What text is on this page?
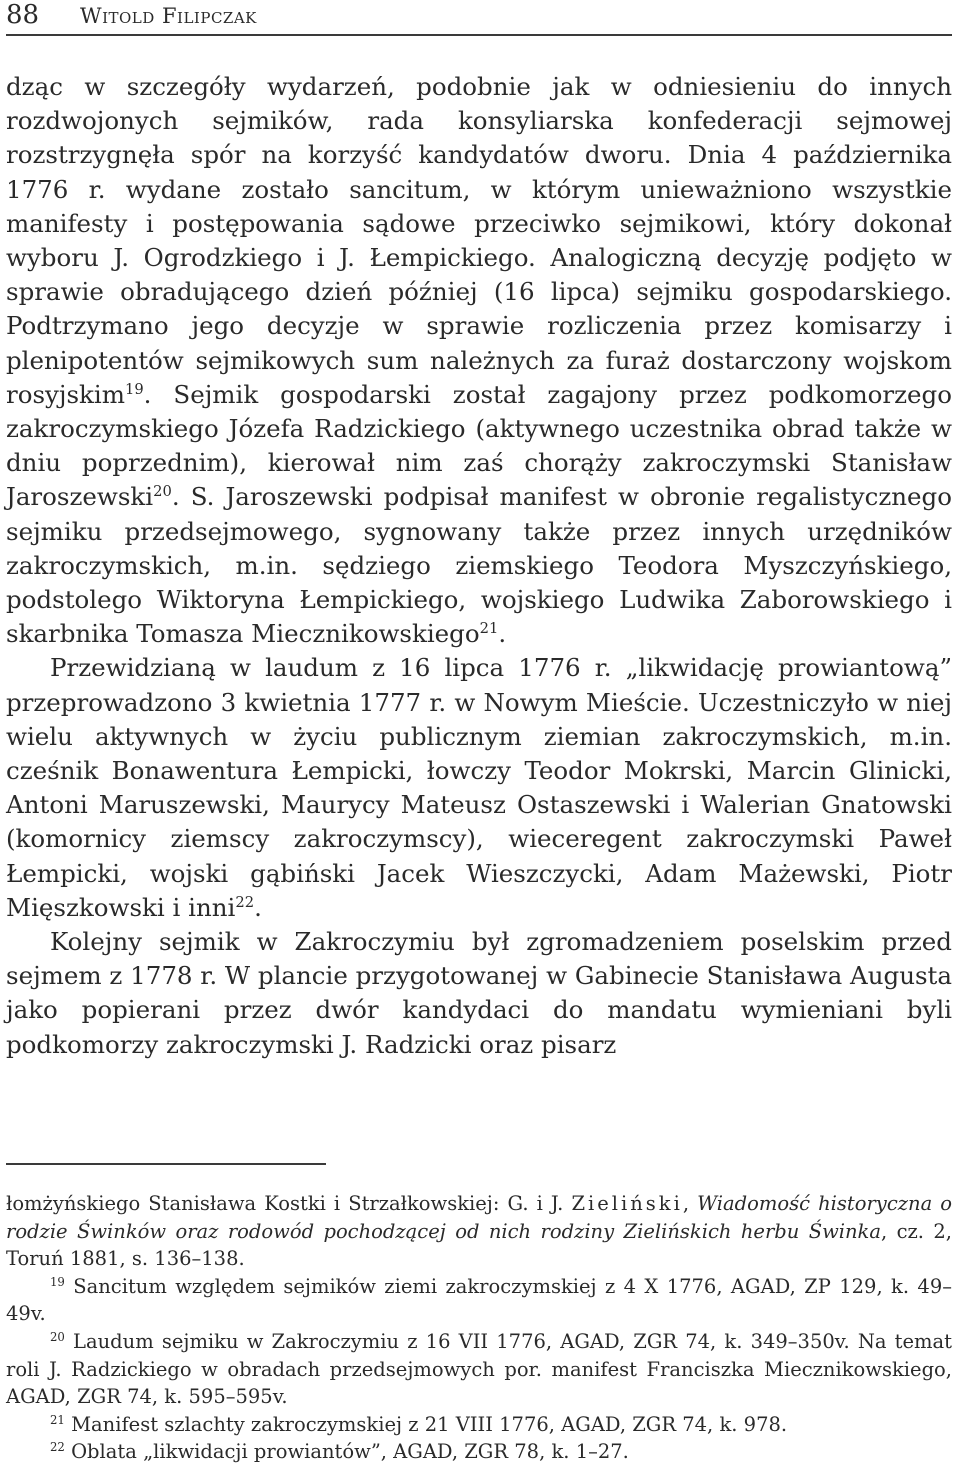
88 Witold Filipczak

dząc w szczegóły wydarzeń, podobnie jak w odniesieniu do innych rozdwojonych sejmików, rada konsyliarska konfederacji sejmowej rozstrzygnęła spór na korzyść kandydatów dworu. Dnia 4 października 1776 r. wydane zostało sancitum, w którym unieważniono wszystkie manifesty i postępowania sądowe przeciwko sejmikowi, który dokonał wyboru J. Ogrodzkiego i J. Łempickiego. Analogiczną decyzję podjęto w sprawie obradującego dzień później (16 lipca) sejmiku gospodarskiego. Podtrzymano jego decyzje w sprawie rozliczenia przez komisarzy i plenipotentów sejmikowych sum należnych za furaż dostarczony wojskom rosyjskim$^{19}$. Sejmik gospodarski został zagajony przez podkomorzego zakroczymskiego Józefa Radzickiego (aktywnego uczestnika obrad także w dniu poprzednim), kierował nim zaś chorąży zakroczymski Stanisław Jaroszewski$^{20}$. S. Jaroszewski podpisał manifest w obronie regalistycznego sejmiku przedsejmowego, sygnowany także przez innych urzędników zakroczymskich, m.in. sędziego ziemskiego Teodora Myszczyńskiego, podstolego Wiktoryna Łempickiego, wojskiego Ludwika Zaborowskiego i skarbnika Tomasza Miecznikowskiego$^{21}$.

Przewidzianą w laudum z 16 lipca 1776 r. „likwidację prowiantową” przeprowadzono 3 kwietnia 1777 r. w Nowym Mieście. Uczestniczyło w niej wielu aktywnych w życiu publicznym ziemian zakroczymskich, m.in. cześnik Bonawentura Łempicki, łowczy Teodor Mokrski, Marcin Glinicki, Antoni Maruszewski, Maurycy Mateusz Ostaszewski i Walerian Gnatowski (komornicy ziemscy zakroczymscy), wieceregent zakroczymski Paweł Łempicki, wojski gąbiński Jacek Wieszczycki, Adam Mażewski, Piotr Mięszkowski i inni$^{22}$.

Kolejny sejmik w Zakroczymiu był zgromadzeniem poselskim przed sejmem z 1778 r. W plancie przygotowanej w Gabinecie Stanisława Augusta jako popierani przez dwór kandydaci do mandatu wymieniani byli podkomorzy zakroczymski J. Radzicki oraz pisarz

łomżyńskiego Stanisława Kostki i Strzałkowskiej: G. i J. Zieliński, Wiadomość historyczna o rodzie Świnków oraz rodowód pochodzącej od nich rodziny Zielińskich herbu Świnka, cz. 2, Toruń 1881, s. 136–138.

$^{19}$ Sancitum względem sejmików ziemi zakroczymskiej z 4 X 1776, AGAD, ZP 129, k. 49–49v.

$^{20}$ Laudum sejmiku w Zakroczymiu z 16 VII 1776, AGAD, ZGR 74, k. 349–350v. Na temat roli J. Radzickiego w obradach przedsejmowych por. manifest Franciszka Miecznikowskiego, AGAD, ZGR 74, k. 595–595v.

$^{21}$ Manifest szlachty zakroczymskiej z 21 VIII 1776, AGAD, ZGR 74, k. 978.

$^{22}$ Oblata „likwidacji prowiantów”, AGAD, ZGR 78, k. 1–27.
